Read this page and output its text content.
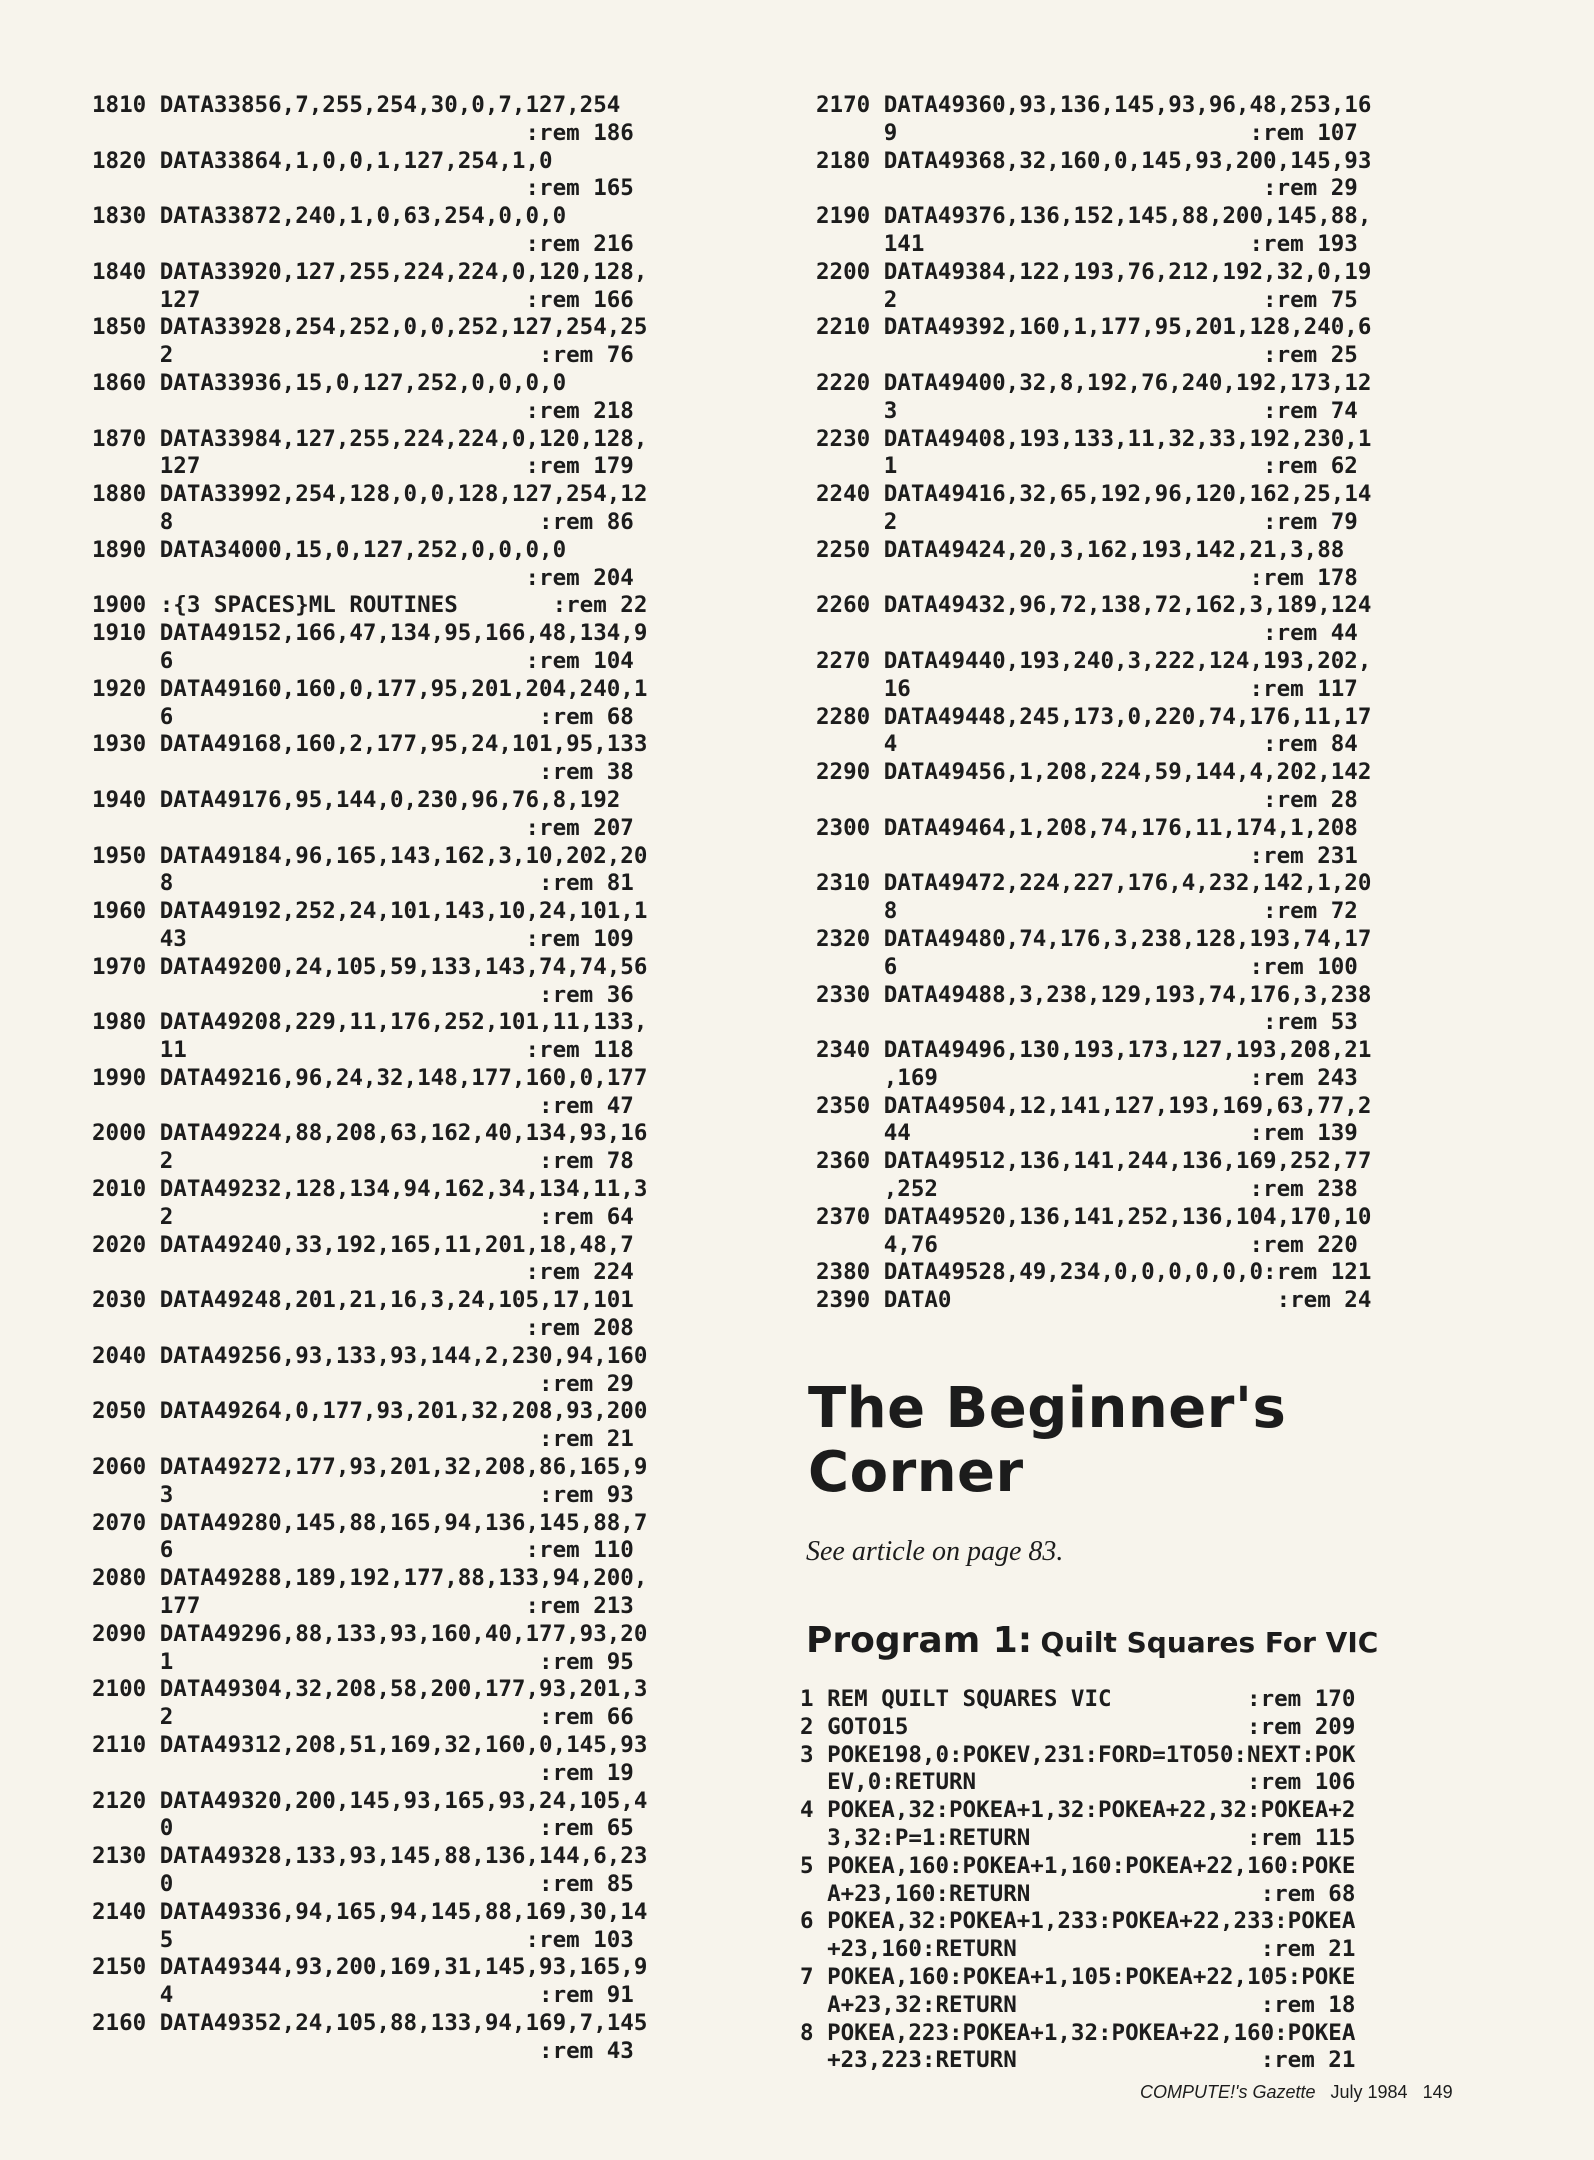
1810 DATA33856,7,255,254,30,0,7,127,254
:rem 186
1820 DATA33864,1,0,0,1,127,254,1,0
:rem 165
1830 DATA33872,240,1,0,63,254,0,0,0
:rem 216
1840 DATA33920,127,255,224,224,0,120,128,
127                        :rem 166
1850 DATA33928,254,252,0,0,252,127,254,25
2                           :rem 76
1860 DATA33936,15,0,127,252,0,0,0,0
:rem 218
1870 DATA33984,127,255,224,224,0,120,128,
127                        :rem 179
1880 DATA33992,254,128,0,0,128,127,254,12
8                           :rem 86
1890 DATA34000,15,0,127,252,0,0,0,0
:rem 204
1900 :{3 SPACES}ML ROUTINES       :rem 22
1910 DATA49152,166,47,134,95,166,48,134,9
6                          :rem 104
1920 DATA49160,160,0,177,95,201,204,240,1
6                           :rem 68
1930 DATA49168,160,2,177,95,24,101,95,133
:rem 38
1940 DATA49176,95,144,0,230,96,76,8,192
:rem 207
1950 DATA49184,96,165,143,162,3,10,202,20
8                           :rem 81
1960 DATA49192,252,24,101,143,10,24,101,1
43                         :rem 109
1970 DATA49200,24,105,59,133,143,74,74,56
:rem 36
1980 DATA49208,229,11,176,252,101,11,133,
11                         :rem 118
1990 DATA49216,96,24,32,148,177,160,0,177
:rem 47
2000 DATA49224,88,208,63,162,40,134,93,16
2                           :rem 78
2010 DATA49232,128,134,94,162,34,134,11,3
2                           :rem 64
2020 DATA49240,33,192,165,11,201,18,48,7
:rem 224
2030 DATA49248,201,21,16,3,24,105,17,101
:rem 208
2040 DATA49256,93,133,93,144,2,230,94,160
:rem 29
2050 DATA49264,0,177,93,201,32,208,93,200
:rem 21
2060 DATA49272,177,93,201,32,208,86,165,9
3                           :rem 93
2070 DATA49280,145,88,165,94,136,145,88,7
6                          :rem 110
2080 DATA49288,189,192,177,88,133,94,200,
177                        :rem 213
2090 DATA49296,88,133,93,160,40,177,93,20
1                           :rem 95
2100 DATA49304,32,208,58,200,177,93,201,3
2                           :rem 66
2110 DATA49312,208,51,169,32,160,0,145,93
:rem 19
2120 DATA49320,200,145,93,165,93,24,105,4
0                           :rem 65
2130 DATA49328,133,93,145,88,136,144,6,23
0                           :rem 85
2140 DATA49336,94,165,94,145,88,169,30,14
5                          :rem 103
2150 DATA49344,93,200,169,31,145,93,165,9
4                           :rem 91
2160 DATA49352,24,105,88,133,94,169,7,145
:rem 43
2170 DATA49360,93,136,145,93,96,48,253,16
9                          :rem 107
2180 DATA49368,32,160,0,145,93,200,145,93
:rem 29
2190 DATA49376,136,152,145,88,200,145,88,
141                        :rem 193
2200 DATA49384,122,193,76,212,192,32,0,19
2                           :rem 75
2210 DATA49392,160,1,177,95,201,128,240,6
:rem 25
2220 DATA49400,32,8,192,76,240,192,173,12
3                           :rem 74
2230 DATA49408,193,133,11,32,33,192,230,1
1                           :rem 62
2240 DATA49416,32,65,192,96,120,162,25,14
2                           :rem 79
2250 DATA49424,20,3,162,193,142,21,3,88
:rem 178
2260 DATA49432,96,72,138,72,162,3,189,124
:rem 44
2270 DATA49440,193,240,3,222,124,193,202,
16                         :rem 117
2280 DATA49448,245,173,0,220,74,176,11,17
4                           :rem 84
2290 DATA49456,1,208,224,59,144,4,202,142
:rem 28
2300 DATA49464,1,208,74,176,11,174,1,208
:rem 231
2310 DATA49472,224,227,176,4,232,142,1,20
8                           :rem 72
2320 DATA49480,74,176,3,238,128,193,74,17
6                          :rem 100
2330 DATA49488,3,238,129,193,74,176,3,238
:rem 53
2340 DATA49496,130,193,173,127,193,208,21
,169                       :rem 243
2350 DATA49504,12,141,127,193,169,63,77,2
44                         :rem 139
2360 DATA49512,136,141,244,136,169,252,77
,252                       :rem 238
2370 DATA49520,136,141,252,136,104,170,10
4,76                       :rem 220
2380 DATA49528,49,234,0,0,0,0,0,0:rem 121
2390 DATA0                        :rem 24
The Beginner's
Corner
See article on page 83.
Program 1: Quilt Squares For VIC
1 REM QUILT SQUARES VIC          :rem 170
2 GOTO15                         :rem 209
3 POKE198,0:POKEV,231:FORD=1TO50:NEXT:POK
EV,0:RETURN                    :rem 106
4 POKEA,32:POKEA+1,32:POKEA+22,32:POKEA+2
3,32:P=1:RETURN                :rem 115
5 POKEA,160:POKEA+1,160:POKEA+22,160:POKE
A+23,160:RETURN                 :rem 68
6 POKEA,32:POKEA+1,233:POKEA+22,233:POKEA
+23,160:RETURN                  :rem 21
7 POKEA,160:POKEA+1,105:POKEA+22,105:POKE
A+23,32:RETURN                  :rem 18
8 POKEA,223:POKEA+1,32:POKEA+22,160:POKEA
+23,223:RETURN                  :rem 21
COMPUTE!'s Gazette July 1984 149
